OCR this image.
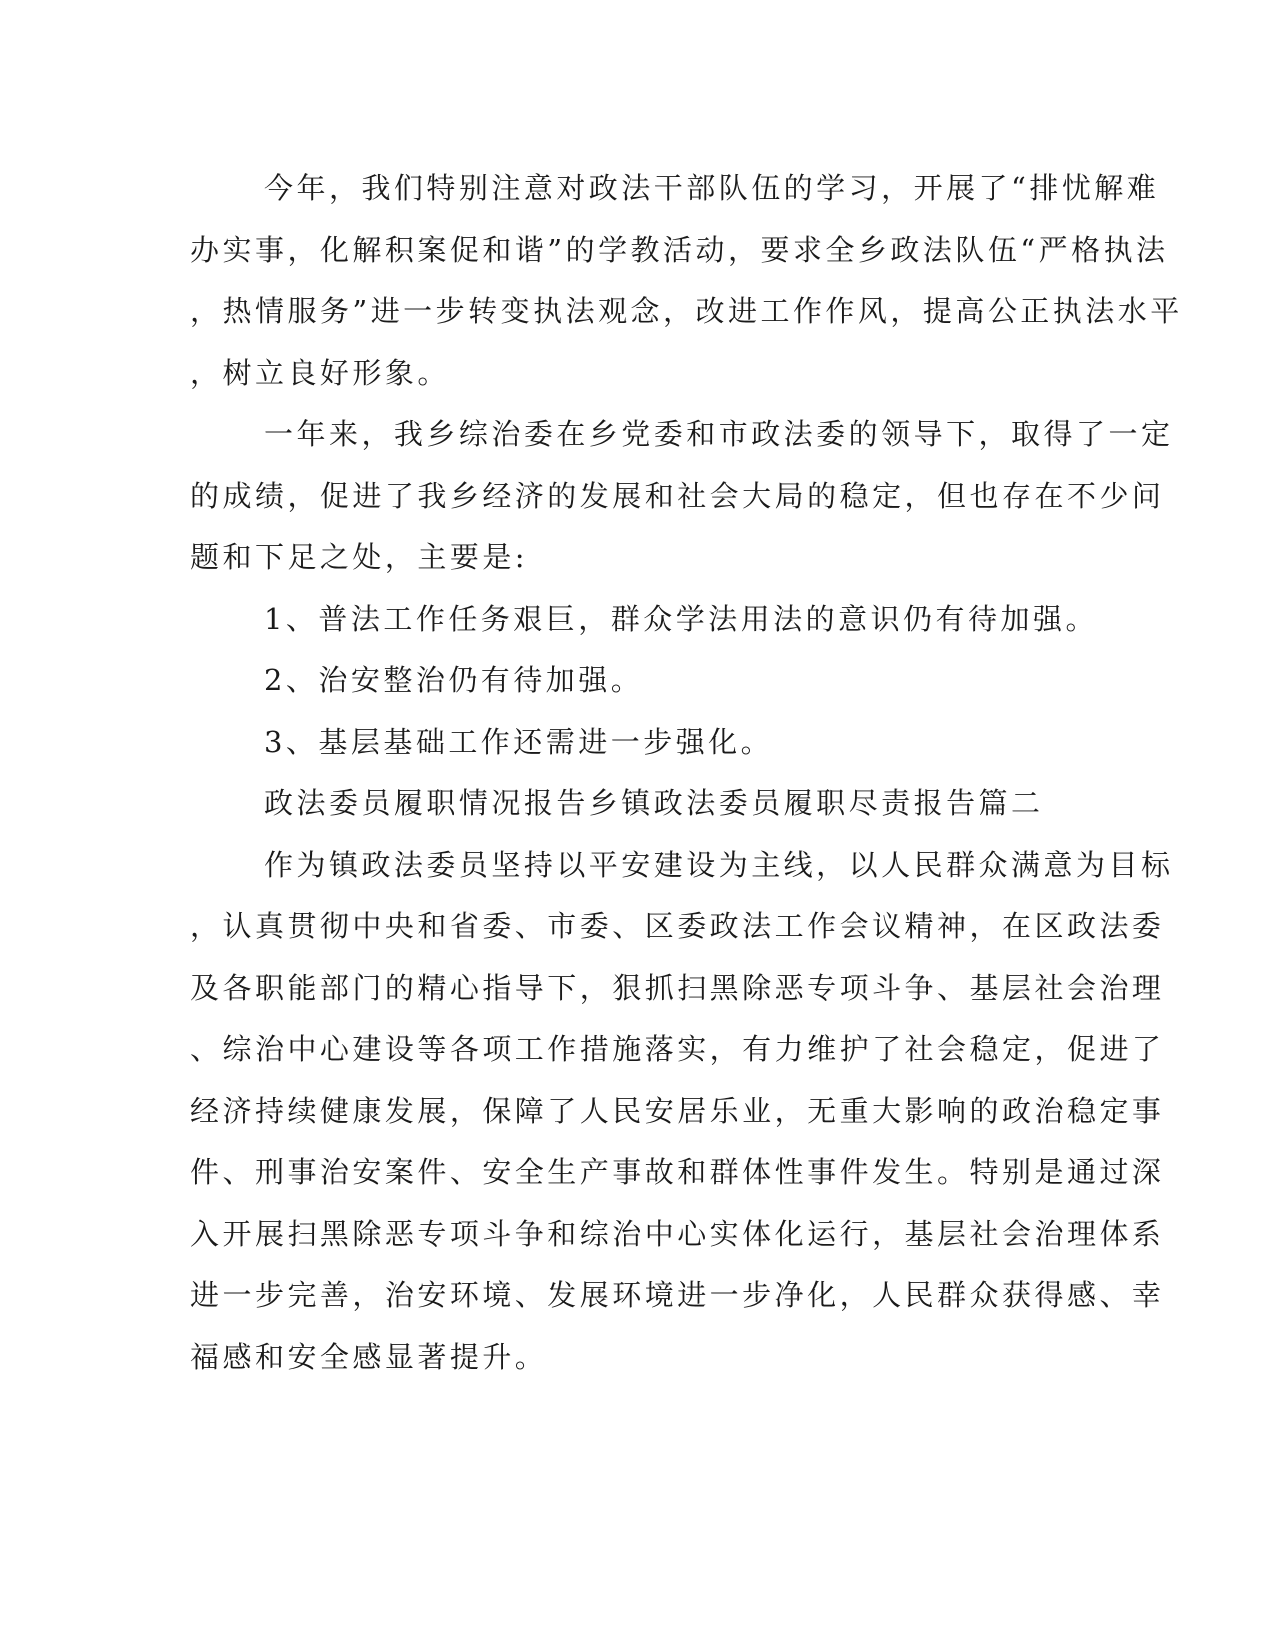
今年，我们特别注意对政法干部队伍的学习，开展了“排忧解难
办实事，化解积案促和谐”的学教活动，要求全乡政法队伍“严格执法
，热情服务”进一步转变执法观念，改进工作作风，提高公正执法水平
，树立良好形象。
一年来，我乡综治委在乡党委和市政法委的领导下，取得了一定
的成绩，促进了我乡经济的发展和社会大局的稳定，但也存在不少问
题和下足之处，主要是:
1、普法工作任务艰巨，群众学法用法的意识仍有待加强。
2、治安整治仍有待加强。
3、基层基础工作还需进一步强化。
政法委员履职情况报告乡镇政法委员履职尽责报告篇二
作为镇政法委员坚持以平安建设为主线，以人民群众满意为目标
，认真贯彻中央和省委、市委、区委政法工作会议精神，在区政法委
及各职能部门的精心指导下，狠抓扫黑除恶专项斗争、基层社会治理
、综治中心建设等各项工作措施落实，有力维护了社会稳定，促进了
经济持续健康发展，保障了人民安居乐业，无重大影响的政治稳定事
件、刑事治安案件、安全生产事故和群体性事件发生。特别是通过深
入开展扫黑除恶专项斗争和综治中心实体化运行，基层社会治理体系
进一步完善，治安环境、发展环境进一步净化，人民群众获得感、幸
福感和安全感显著提升。
